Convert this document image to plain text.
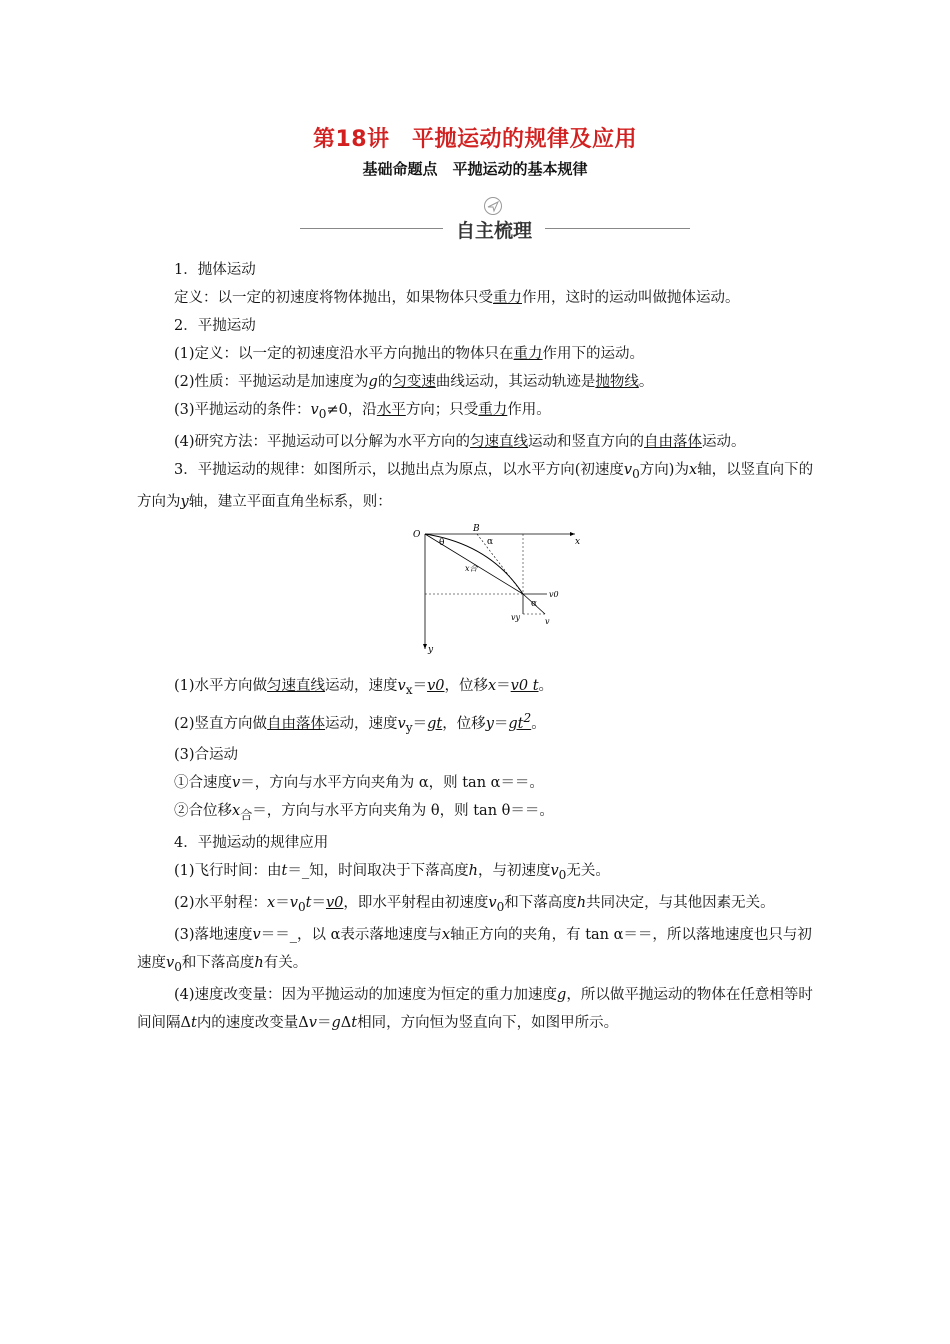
第18讲　平抛运动的规律及应用
基础命题点　平抛运动的基本规律
自主梳理

1．抛体运动

定义：以一定的初速度将物体抛出，如果物体只受重力作用，这时的运动叫做抛体运动。

2．平抛运动

(1)定义：以一定的初速度沿水平方向抛出的物体只在重力作用下的运动。

(2)性质：平抛运动是加速度为g的匀变速曲线运动，其运动轨迹是抛物线。

(3)平抛运动的条件：$v_0\ne 0$，沿水平方向；只受重力作用。

(4)研究方法：平抛运动可以分解为水平方向的匀速直线运动和竖直方向的自由落体运动。

3．平抛运动的规律：如图所示，以抛出点为原点，以水平方向(初速度$v_0$方向)为x轴，以竖直向下的方向为y轴，建立平面直角坐标系，则：

O
x
y
B
α
θ
x合
v0
α
vy	v

(1)水平方向做匀速直线运动，速度$v_x=v0$，位移x＝v0 t。

(2)竖直方向做自由落体运动，速度$v_y=gt$，位移$y=gt^2$。

(3)合运动

①合速度v＝，方向与水平方向夹角为 α，则 tan α＝＝。

②合位移$x_合=$，方向与水平方向夹角为 θ，则 tan θ＝＝。

4．平抛运动的规律应用

(1)飞行时间：由t＝_知，时间取决于下落高度h，与初速度$v_0$无关。

(2)水平射程：$x=v_0t=v0$，即水平射程由初速度$v_0$和下落高度h共同决定，与其他因素无关。

(3)落地速度v＝＝_，以 α表示落地速度与x轴正方向的夹角，有 tan α＝＝，所以落地速度也只与初速度$v_0$和下落高度h有关。

(4)速度改变量：因为平抛运动的加速度为恒定的重力加速度g，所以做平抛运动的物体在任意相等时间间隔Δt内的速度改变量Δv＝gΔt相同，方向恒为竖直向下，如图甲所示。
